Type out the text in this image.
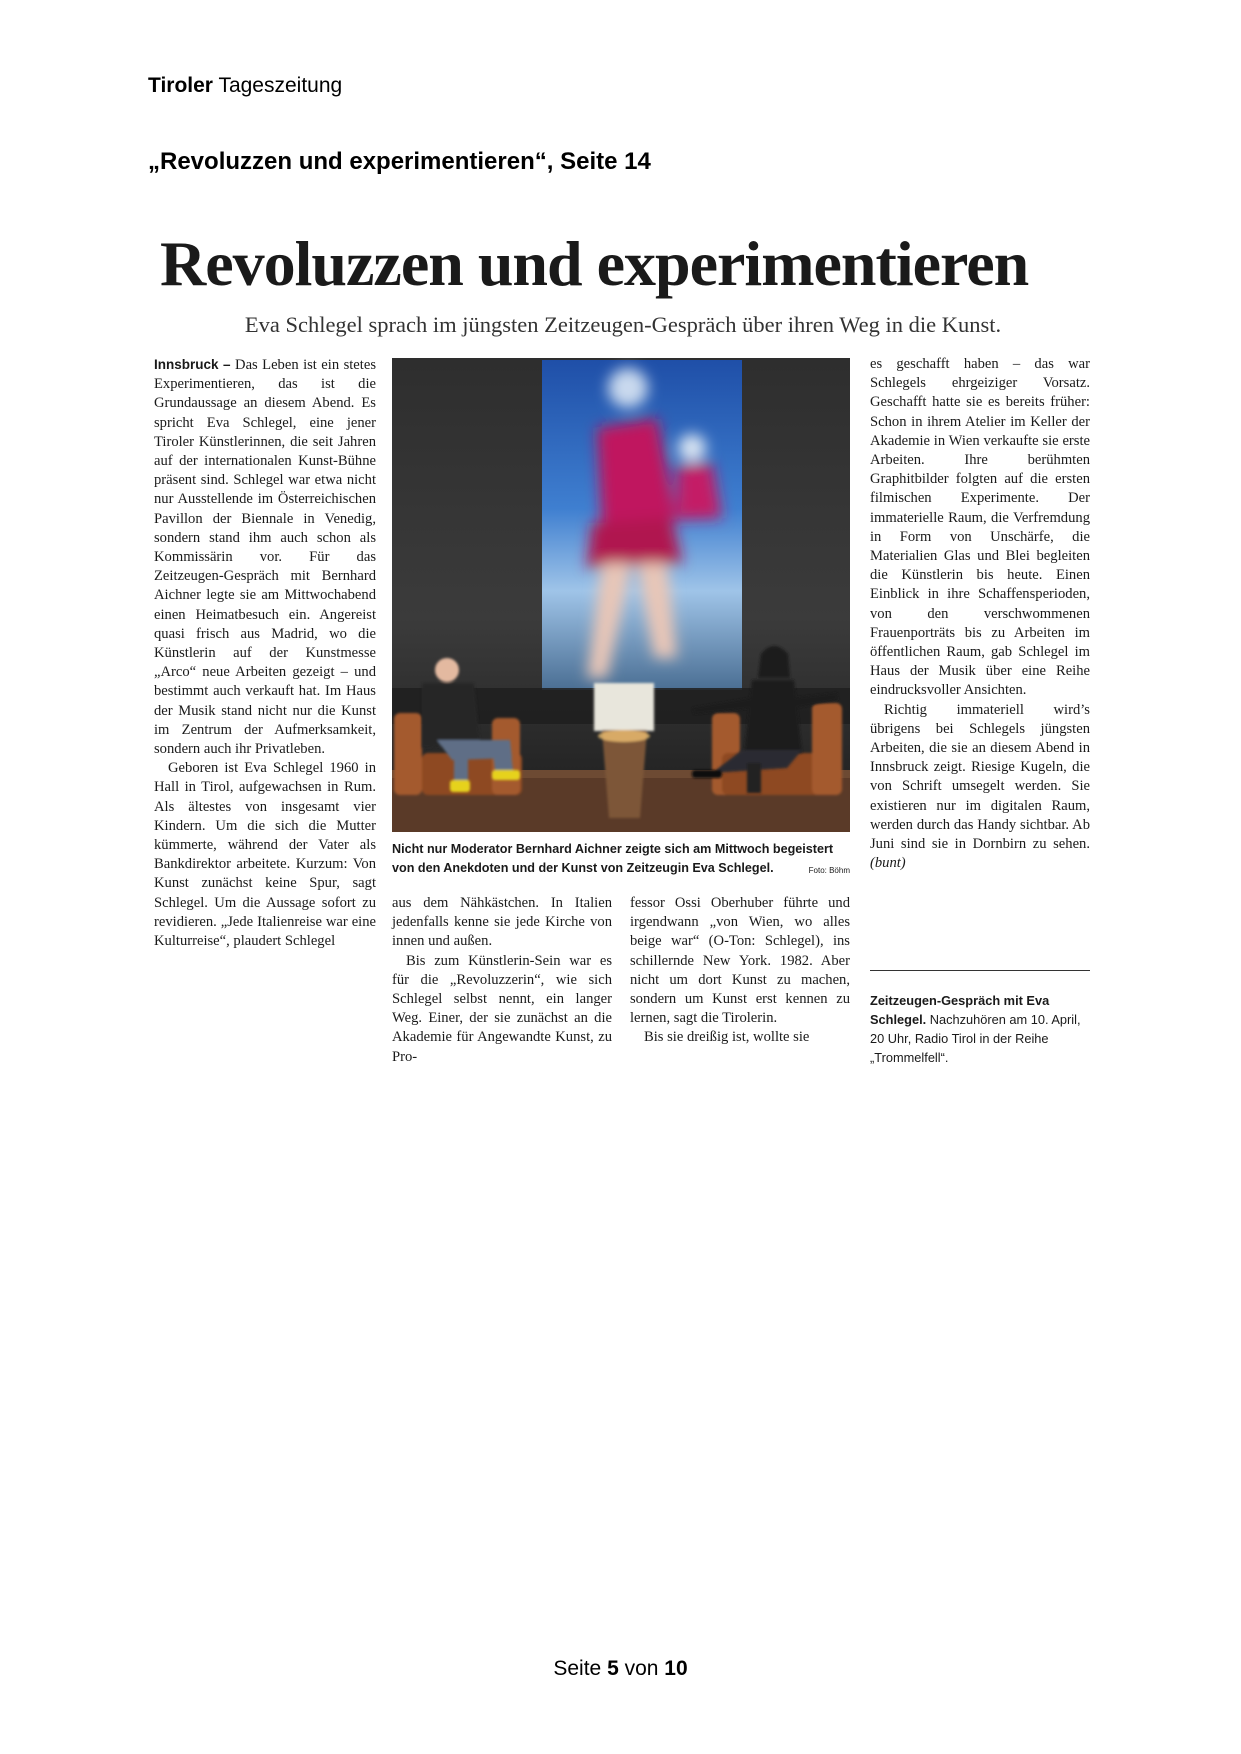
Tiroler Tageszeitung
„Revoluzzen und experimentieren“, Seite 14
Revoluzzen und experimentieren
Eva Schlegel sprach im jüngsten Zeitzeugen-Gespräch über ihren Weg in die Kunst.

Innsbruck – Das Leben ist ein stetes Experimentieren, das ist die Grundaussage an diesem Abend. Es spricht Eva Schlegel, eine jener Tiroler Künstlerinnen, die seit Jahren auf der internationalen Kunst-Bühne präsent sind. Schlegel war etwa nicht nur Ausstellende im Österreichischen Pavillon der Biennale in Venedig, sondern stand ihm auch schon als Kommissärin vor. Für das Zeitzeugen-Gespräch mit Bernhard Aichner legte sie am Mittwochabend einen Heimatbesuch ein. Angereist quasi frisch aus Madrid, wo die Künstlerin auf der Kunstmesse „Arco“ neue Arbeiten gezeigt – und bestimmt auch verkauft hat. Im Haus der Musik stand nicht nur die Kunst im Zentrum der Aufmerksamkeit, sondern auch ihr Privatleben.

Geboren ist Eva Schlegel 1960 in Hall in Tirol, aufgewachsen in Rum. Als ältestes von insgesamt vier Kindern. Um die sich die Mutter kümmerte, während der Vater als Bankdirektor arbeitete. Kurzum: Von Kunst zunächst keine Spur, sagt Schlegel. Um die Aussage sofort zu revidieren. „Jede Italienreise war eine Kulturreise“, plaudert Schlegel

Nicht nur Moderator Bernhard Aichner zeigte sich am Mittwoch begeistert von den Anekdoten und der Kunst von Zeitzeugin Eva Schlegel.	Foto: Böhm

aus dem Nähkästchen. In Italien jedenfalls kenne sie jede Kirche von innen und außen.

Bis zum Künstlerin-Sein war es für die „Revoluzzerin“, wie sich Schlegel selbst nennt, ein langer Weg. Einer, der sie zunächst an die Akademie für Angewandte Kunst, zu Pro-

fessor Ossi Oberhuber führte und irgendwann „von Wien, wo alles beige war“ (O-Ton: Schlegel), ins schillernde New York. 1982. Aber nicht um dort Kunst zu machen, sondern um Kunst erst kennen zu lernen, sagt die Tirolerin.

Bis sie dreißig ist, wollte sie

es geschafft haben – das war Schlegels ehrgeiziger Vorsatz. Geschafft hatte sie es bereits früher: Schon in ihrem Atelier im Keller der Akademie in Wien verkaufte sie erste Arbeiten. Ihre berühmten Graphitbilder folgten auf die ersten filmischen Experimente. Der immaterielle Raum, die Verfremdung in Form von Unschärfe, die Materialien Glas und Blei begleiten die Künstlerin bis heute. Einen Einblick in ihre Schaffensperioden, von den verschwommenen Frauenporträts bis zu Arbeiten im öffentlichen Raum, gab Schlegel im Haus der Musik über eine Reihe eindrucksvoller Ansichten.

Richtig immateriell wird’s übrigens bei Schlegels jüngsten Arbeiten, die sie an diesem Abend in Innsbruck zeigt. Riesige Kugeln, die von Schrift umsegelt werden. Sie existieren nur im digitalen Raum, werden durch das Handy sichtbar. Ab Juni sind sie in Dornbirn zu sehen. (bunt)

Zeitzeugen-Gespräch mit Eva Schlegel. Nachzuhören am 10. April, 20 Uhr, Radio Tirol in der Reihe „Trommelfell“.
Seite 5 von 10
